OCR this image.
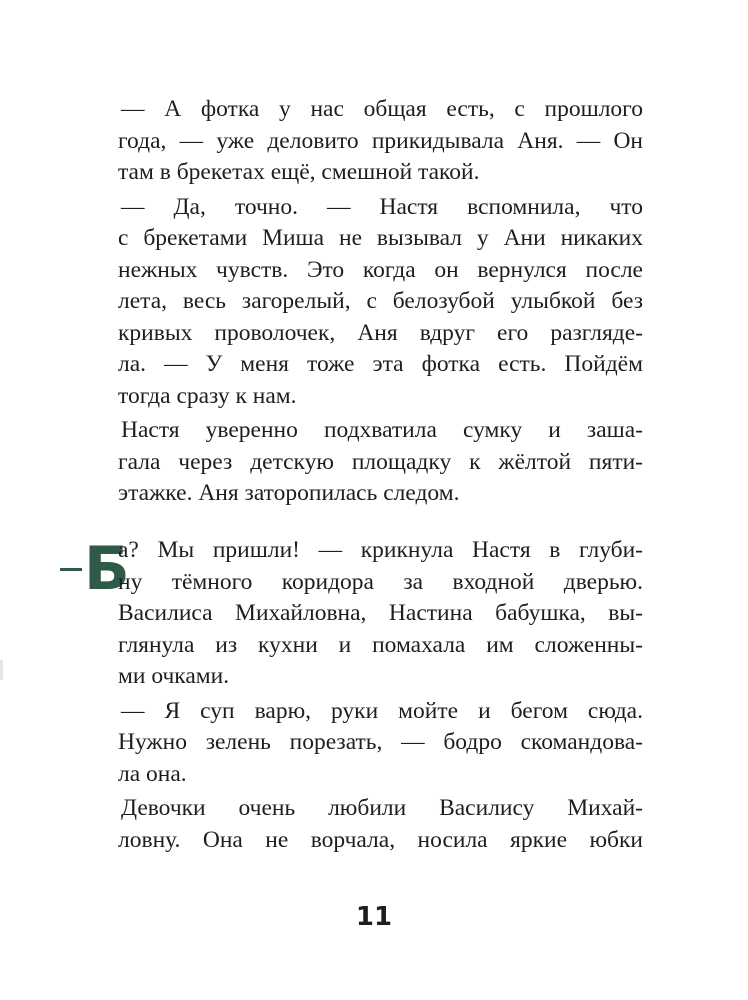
— А фотка у нас общая есть, с прошлого
года, — уже деловито прикидывала Аня. — Он
там в брекетах ещё, смешной такой.
— Да, точно. — Настя вспомнила, что
с брекетами Миша не вызывал у Ани никаких
нежных чувств. Это когда он вернулся после
лета, весь загорелый, с белозубой улыбкой без
кривых проволочек, Аня вдруг его разгляде-
ла. — У меня тоже эта фотка есть. Пойдём
тогда сразу к нам.
Настя уверенно подхватила сумку и зашa-
гала через детскую площадку к жёлтой пяти-
этажке. Аня заторопилась следом.
Б
а? Мы пришли! — крикнула Настя в глуби-
ну тёмного коридора за входной дверью.
Василиса Михайловна, Настина бабушка, вы-
глянула из кухни и помахала им сложенны-
ми очками.
— Я суп варю, руки мойте и бегом сюда.
Нужно зелень порезать, — бодро скомандова-
ла она.
Девочки очень любили Василису Михай-
ловну. Она не ворчала, носила яркие юбки
11
